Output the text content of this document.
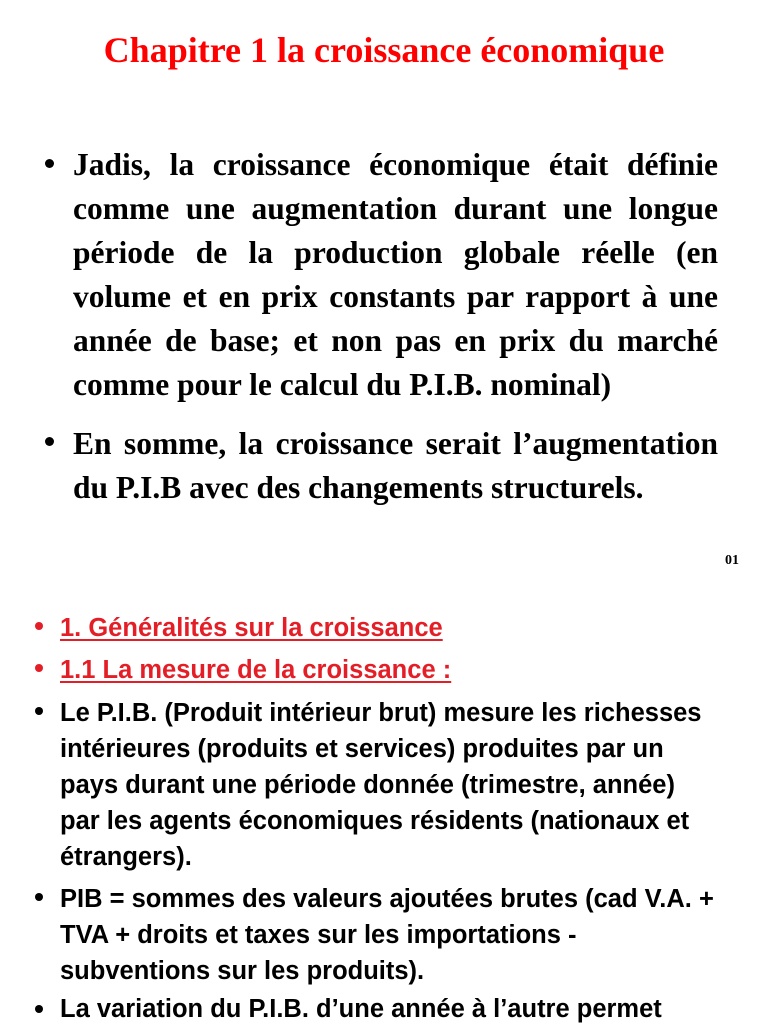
Chapitre 1 la croissance économique
Jadis, la croissance économique était définie
comme une augmentation durant une longue
période de la production globale réelle (en
volume et en prix constants par rapport à une
année de base; et non pas en prix du marché
comme pour le calcul du P.I.B. nominal)
En somme, la croissance serait l’augmentation
du P.I.B avec des changements structurels.
01
1. Généralités sur la croissance
1.1 La mesure de la croissance :
Le P.I.B. (Produit intérieur brut) mesure les richesses
intérieures (produits et services) produites par un
pays durant une période donnée (trimestre, année)
par les agents économiques résidents (nationaux et
étrangers).
PIB = sommes des valeurs ajoutées brutes (cad V.A. +
TVA + droits et taxes sur les importations -
subventions sur les produits).
La variation du P.I.B. d’une année à l’autre permet
